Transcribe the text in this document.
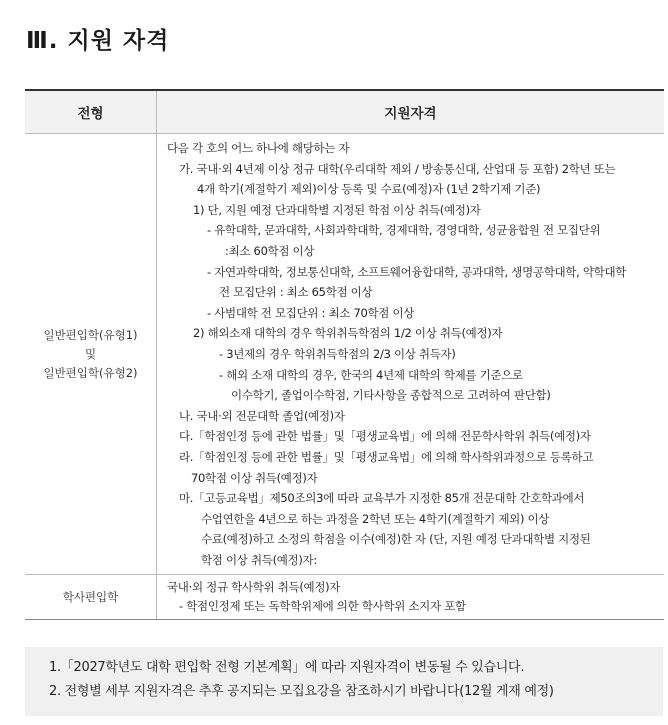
Ⅲ. 지원 자격
전형	지원자격
일반편입학(유형1)
및
일반편입학(유형2)
다음 각 호의 어느 하나에 해당하는 자
가. 국내·외 4년제 이상 정규 대학(우리대학 제외 / 방송통신대, 산업대 등 포함) 2학년 또는
4개 학기(계절학기 제외)이상 등록 및 수료(예정)자 (1년 2학기제 기준)
1) 단, 지원 예정 단과대학별 지정된 학점 이상 취득(예정)자
- 유학대학, 문과대학, 사회과학대학, 경제대학, 경영대학, 성균융합원 전 모집단위
:최소 60학점 이상
- 자연과학대학, 정보통신대학, 소프트웨어융합대학, 공과대학, 생명공학대학, 약학대학
전 모집단위 : 최소 65학점 이상
- 사범대학 전 모집단위 : 최소 70학점 이상
2) 해외소재 대학의 경우 학위취득학점의 1/2 이상 취득(예정)자
- 3년제의 경우 학위취득학점의 2/3 이상 취득자)
- 해외 소재 대학의 경우, 한국의 4년제 대학의 학제를 기준으로
이수학기, 졸업이수학점, 기타사항을 종합적으로 고려하여 판단함)
나. 국내·외 전문대학 졸업(예정)자
다.「학점인정 등에 관한 법률」및「평생교육법」에 의해 전문학사학위 취득(예정)자
라.「학점인정 등에 관한 법률」및「평생교육법」에 의해 학사학위과정으로 등록하고
70학점 이상 취득(예정)자
마.「고등교육법」제50조의3에 따라 교육부가 지정한 85개 전문대학 간호학과에서
수업연한을 4년으로 하는 과정을 2학년 또는 4학기(계절학기 제외) 이상
수료(예정)하고 소정의 학점을 이수(예정)한 자 (단, 지원 예정 단과대학별 지정된
학점 이상 취득(예정)자:
학사편입학
국내·외 정규 학사학위 취득(예정)자
- 학점인정제 또는 독학학위제에 의한 학사학위 소지자 포함
1.「2027학년도 대학 편입학 전형 기본계획」에 따라 지원자격이 변동될 수 있습니다.
2. 전형별 세부 지원자격은 추후 공지되는 모집요강을 참조하시기 바랍니다(12월 게재 예정)
